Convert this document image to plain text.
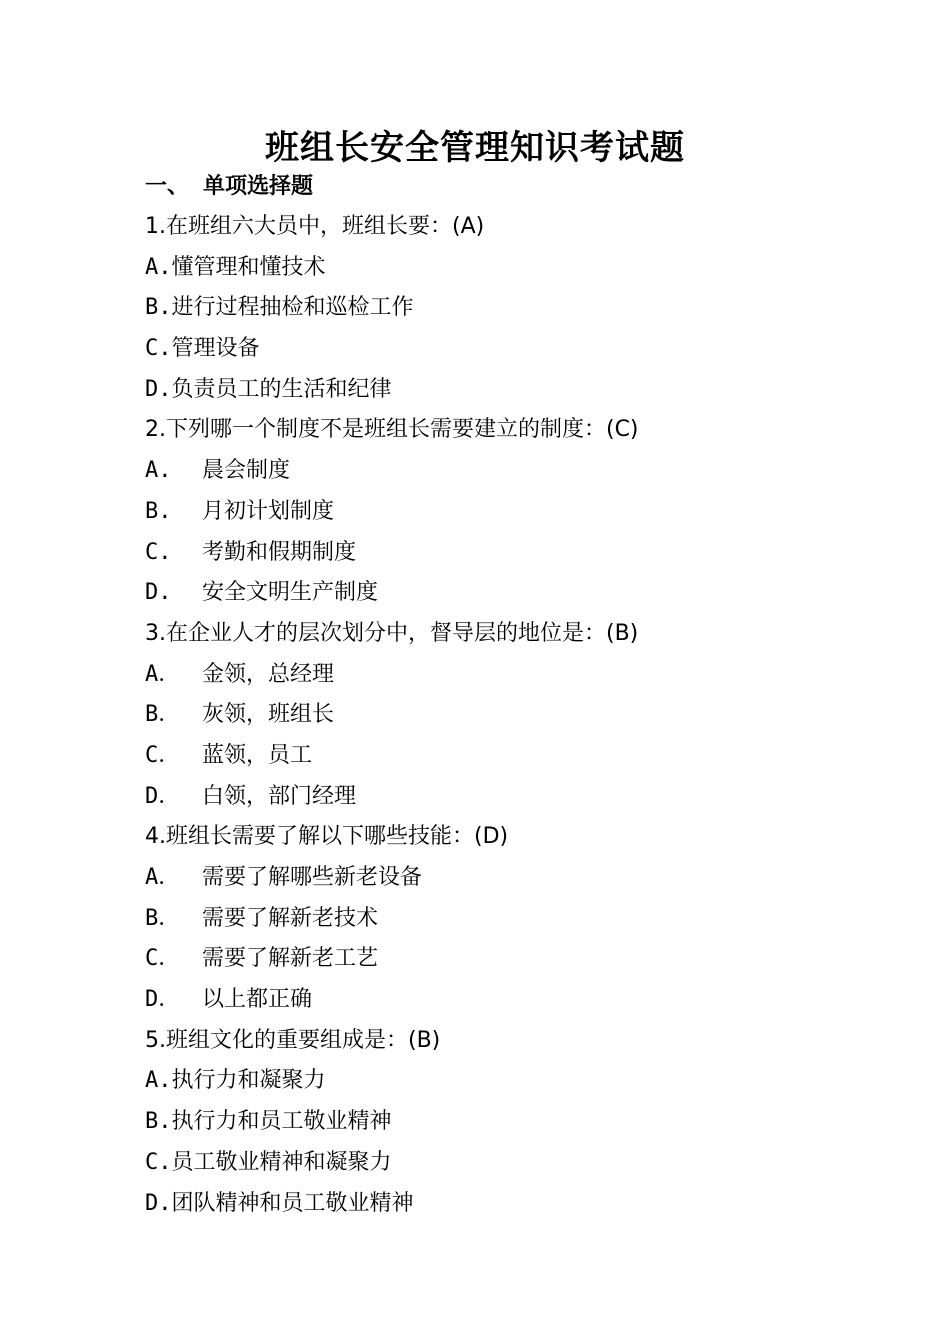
班组长安全管理知识考试题
一、 单项选择题
1.在班组六大员中，班组长要：(A)
A.懂管理和懂技术
B.进行过程抽检和巡检工作
C.管理设备
D.负责员工的生活和纪律
2.下列哪一个制度不是班组长需要建立的制度：(C)
A. 晨会制度
B. 月初计划制度
C. 考勤和假期制度
D. 安全文明生产制度
3.在企业人才的层次划分中，督导层的地位是：(B)
A． 金领，总经理
B． 灰领，班组长
C． 蓝领，员工
D． 白领，部门经理
4.班组长需要了解以下哪些技能：(D)
A． 需要了解哪些新老设备
B． 需要了解新老技术
C． 需要了解新老工艺
D． 以上都正确
5.班组文化的重要组成是：(B)
A.执行力和凝聚力
B.执行力和员工敬业精神
C.员工敬业精神和凝聚力
D.团队精神和员工敬业精神
